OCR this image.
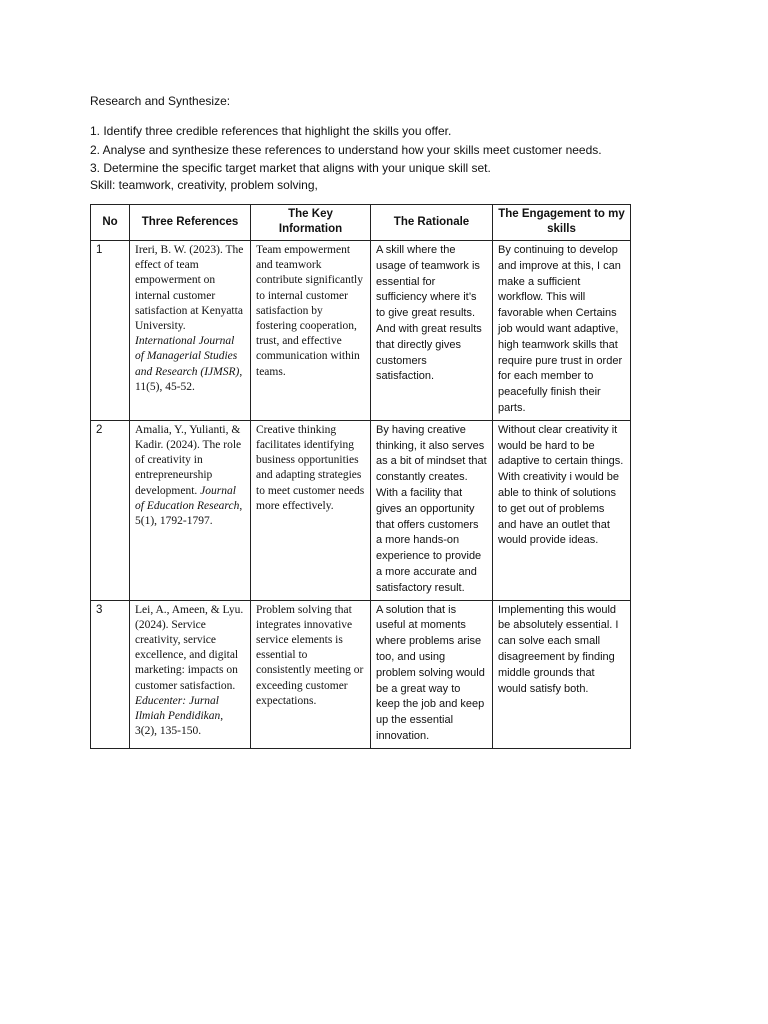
Research and Synthesize:

1. Identify three credible references that highlight the skills you offer.
2. Analyse and synthesize these references to understand how your skills meet customer needs.
3. Determine the specific target market that aligns with your unique skill set.

Skill: teamwork, creativity, problem solving,

No	Three References	The Key Information	The Rationale	The Engagement to my skills
1	Ireri, B. W. (2023). The effect of team empowerment on internal customer satisfaction at Kenyatta University. International Journal of Managerial Studies and Research (IJMSR), 11(5), 45-52.	Team empowerment and teamwork contribute significantly to internal customer satisfaction by fostering cooperation, trust, and effective communication within teams.	A skill where the usage of teamwork is essential for sufficiency where it’s to give great results. And with great results that directly gives customers satisfaction.	By continuing to develop and improve at this, I can make a sufficient workflow. This will favorable when Certains job would want adaptive, high teamwork skills that require pure trust in order for each member to peacefully finish their parts.
2	Amalia, Y., Yulianti, & Kadir. (2024). The role of creativity in entrepreneurship development. Journal of Education Research, 5(1), 1792-1797.	Creative thinking facilitates identifying business opportunities and adapting strategies to meet customer needs more effectively.	By having creative thinking, it also serves as a bit of mindset that constantly creates. With a facility that gives an opportunity that offers customers a more hands-on experience to provide a more accurate and satisfactory result.	Without clear creativity it would be hard to be adaptive to certain things. With creativity i would be able to think of solutions to get out of problems and have an outlet that would provide ideas.
3	Lei, A., Ameen, & Lyu. (2024). Service creativity, service excellence, and digital marketing: impacts on customer satisfaction. Educenter: Jurnal Ilmiah Pendidikan, 3(2), 135-150.	Problem solving that integrates innovative service elements is essential to consistently meeting or exceeding customer expectations.	A solution that is useful at moments where problems arise too, and using problem solving would be a great way to keep the job and keep up the essential innovation.	Implementing this would be absolutely essential. I can solve each small disagreement by finding middle grounds that would satisfy both.
